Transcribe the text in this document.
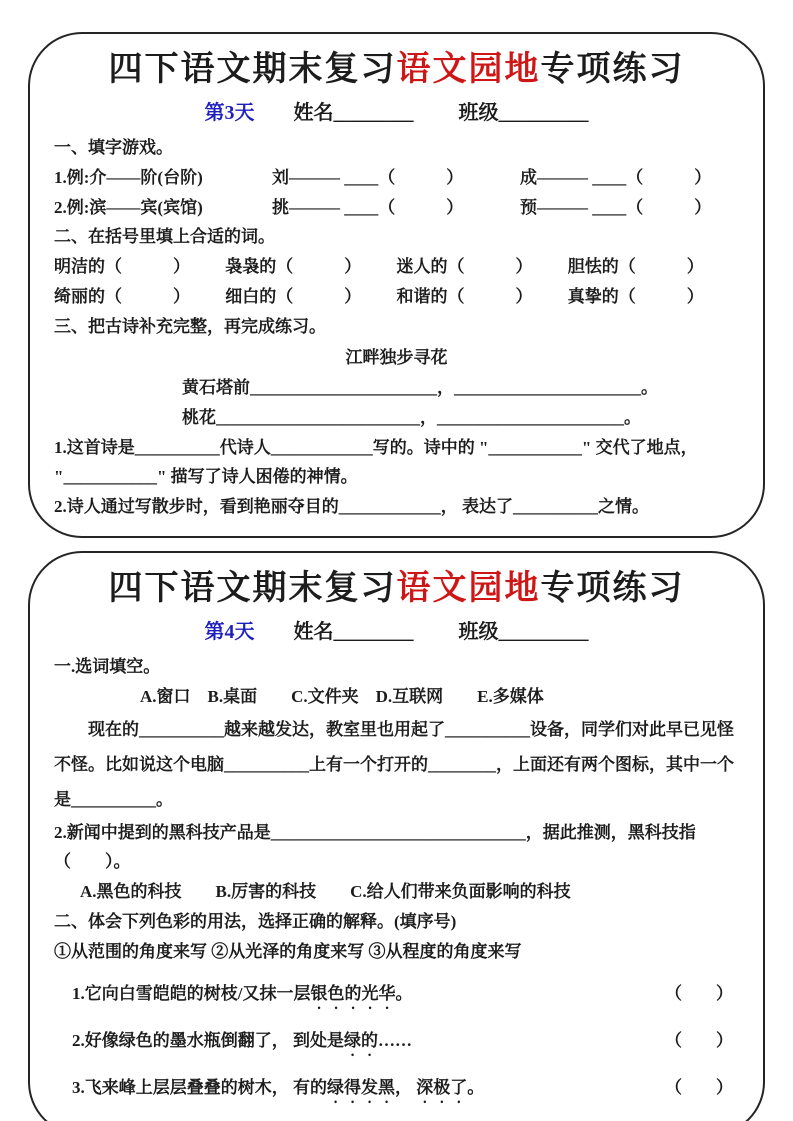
四下语文期末复习语文园地专项练习
第3天 姓名________ 班级_________
一、填字游戏。
1.例:介——阶(台阶)	刘——— ____（　　　）	成——— ____（　　　）
2.例:滨——宾(宾馆)	挑——— ____（　　　）	预——— ____（　　　）
二、在括号里填上合适的词。
明洁的（　　　）	袅袅的（　　　）	迷人的（　　　）	胆怯的（　　　）
绮丽的（　　　）	细白的（　　　）	和谐的（　　　）	真挚的（　　　）
三、把古诗补充完整，再完成练习。
江畔独步寻花
黄石塔前______________________，______________________。
桃花________________________，______________________。
1.这首诗是__________代诗人____________写的。诗中的 "___________" 交代了地点， "___________" 描写了诗人困倦的神情。
2.诗人通过写散步时，看到艳丽夺目的____________， 表达了__________之情。
四下语文期末复习语文园地专项练习
第4天 姓名________ 班级_________
一.选词填空。
A.窗口　B.桌面　　C.文件夹　D.互联网　　E.多媒体
现在的__________越来越发达，教室里也用起了__________设备，同学们对此早已见怪不怪。比如说这个电脑__________上有一个打开的________，上面还有两个图标，其中一个是__________。
2.新闻中提到的黑科技产品是______________________________，据此推测，黑科技指（　　）。
A.黑色的科技　　B.厉害的科技　　C.给人们带来负面影响的科技
二、体会下列色彩的用法，选择正确的解释。(填序号)
①从范围的角度来写 ②从光泽的角度来写 ③从程度的角度来写
1.它向白雪皑皑的树枝/又抹一层银色的光华。	（　　）
2.好像绿色的墨水瓶倒翻了， 到处是绿的……	（　　）
3.飞来峰上层层叠叠的树木， 有的绿得发黑， 深极了。	（　　）
